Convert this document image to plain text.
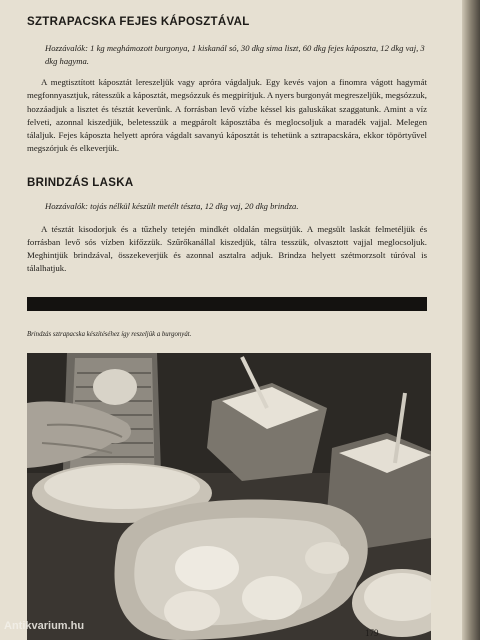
SZTRAPACSKA FEJES KÁPOSZTÁVAL

Hozzávalók: 1 kg meghámozott burgonya, 1 kiskanál só, 30 dkg sima liszt, 60 dkg fejes káposzta, 12 dkg vaj, 3 dkg hagyma.

A megtisztított káposztát lereszeljük vagy apróra vágdaljuk. Egy kevés vajon a finomra vágott hagymát megfonnyasztjuk, rátesszük a káposztát, megsózzuk és megpirítjuk. A nyers burgonyát megreszeljük, megsózzuk, hozzáadjuk a lisztet és tésztát keverünk. A forrásban levő vízbe késsel kis galuskákat szaggatunk. Amint a víz felveti, azonnal kiszedjük, beletesszük a megpárolt káposztába és meglocsoljuk a maradék vajjal. Melegen tálaljuk. Fejes káposzta helyett apróra vágdalt savanyú káposztát is tehetünk a sztrapacskára, ekkor töpörtyűvel megszórjuk és elkeverjük.

BRINDZÁS LASKA

Hozzávalók: tojás nélkül készült metélt tészta, 12 dkg vaj, 20 dkg brindza.

A tésztát kisodorjuk és a tűzhely tetején mindkét oldalán megsütjük. A megsült laskát felmetéljük és forrásban levő sós vízben kifőzzük. Szűrőkanállal kiszedjük, tálra tesszük, olvasztott vajjal meglocsoljuk. Meghintjük brindzával, összekeverjük és azonnal asztalra adjuk. Brindza helyett szétmorzsolt túróval is tálalhatjuk.

Brindzás sztrapacska készítéséhez így reszeljük a burgonyát.

Antikvarium.hu
179
